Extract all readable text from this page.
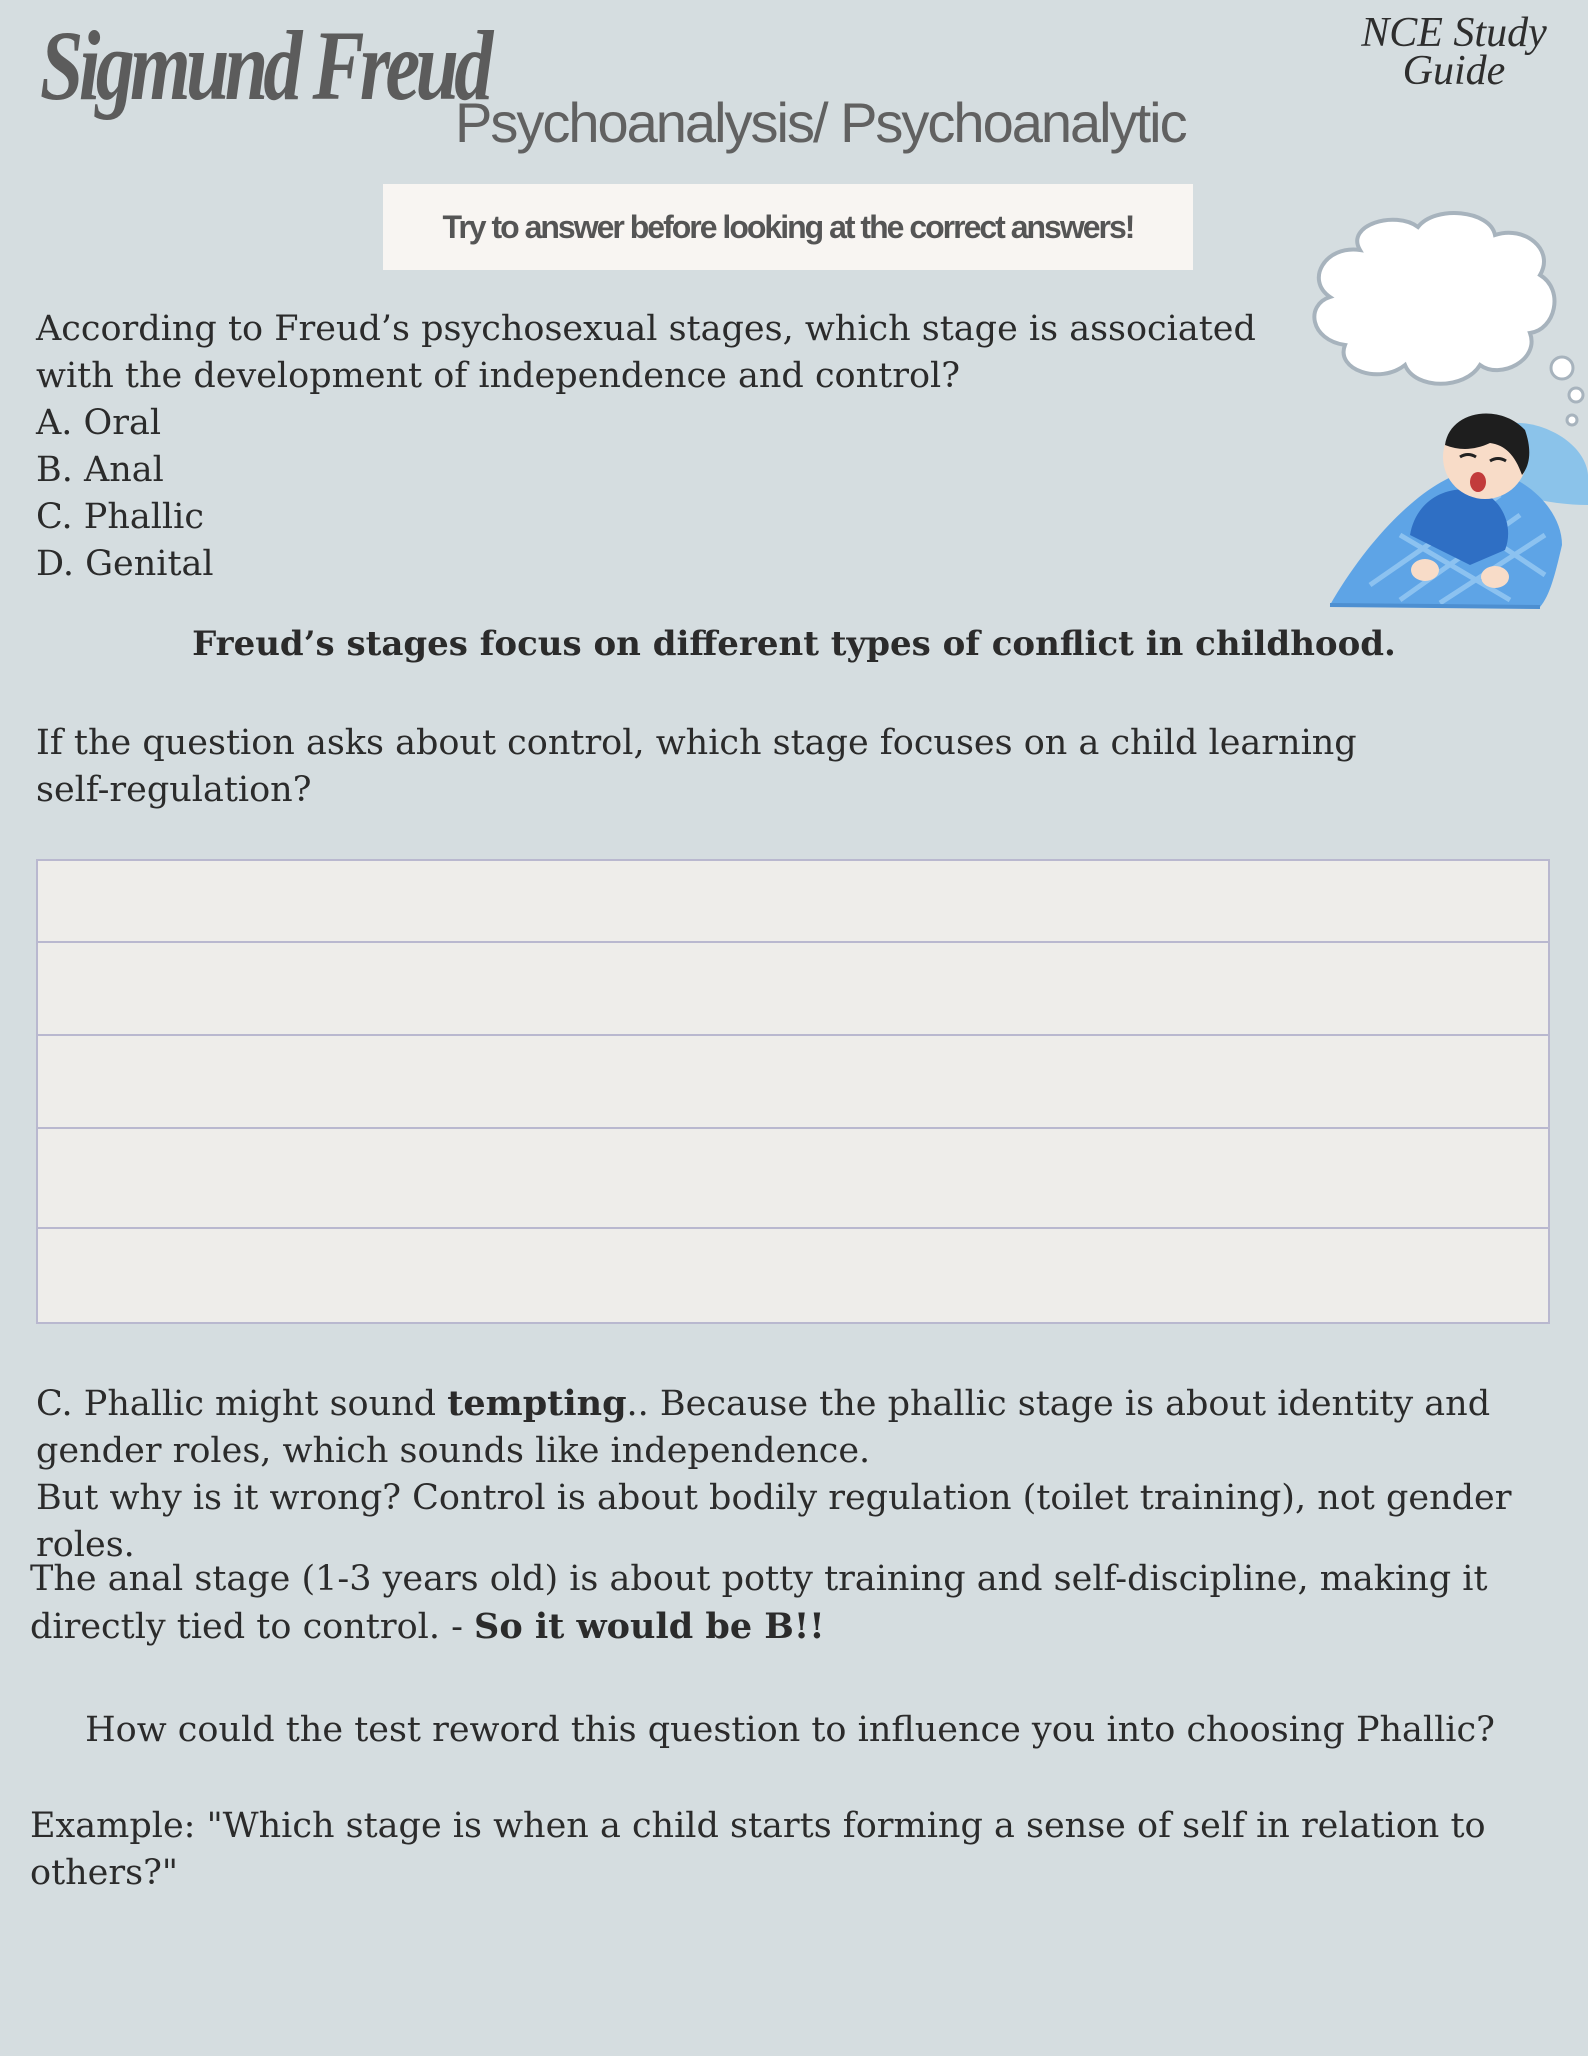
Sigmund Freud
Psychoanalysis/ Psychoanalytic
NCE Study
Guide
Try to answer before looking at the correct answers!

According to Freud’s psychosexual stages, which stage is associated with the development of independence and control?

A. Oral

B. Anal

C. Phallic

D. Genital

Freud’s stages focus on different types of conflict in childhood.
If the question asks about control, which stage focuses on a child learning self-regulation?

C. Phallic might sound tempting.. Because the phallic stage is about identity and gender roles, which sounds like independence.

But why is it wrong? Control is about bodily regulation (toilet training), not gender roles.

The anal stage (1-3 years old) is about potty training and self-discipline, making it directly tied to control. - So it would be B!!
How could the test reword this question to influence you into choosing Phallic?
Example: "Which stage is when a child starts forming a sense of self in relation to others?"
